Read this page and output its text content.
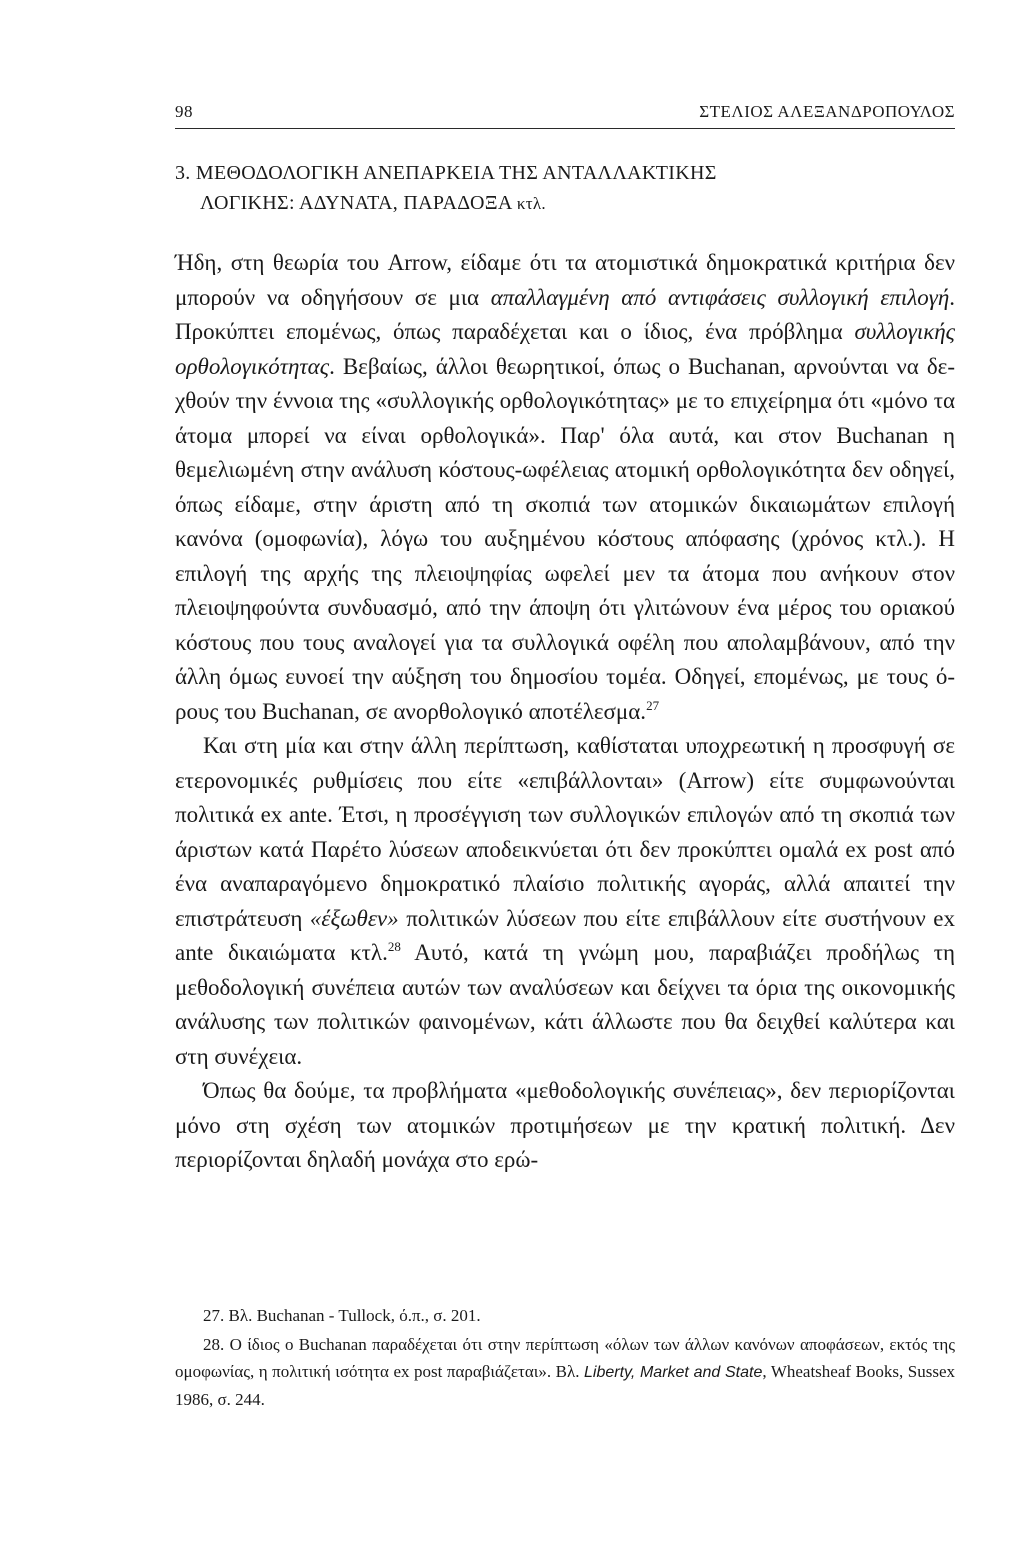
98	ΣΤΕΛΙΟΣ ΑΛΕΞΑΝΔΡΟΠΟΥΛΟΣ
3. ΜΕΘΟΔΟΛΟΓΙΚΗ ΑΝΕΠΑΡΚΕΙΑ ΤΗΣ ΑΝΤΑΛΛΑΚΤΙΚΗΣ
ΛΟΓΙΚΗΣ: ΑΔΥΝΑΤΑ, ΠΑΡΑΔΟΞΑ κτλ.

Ήδη, στη θεωρία του Arrow, είδαμε ότι τα ατομιστικά δημοκρατικά κριτήρια δεν μπορούν να οδηγήσουν σε μια απαλλαγμένη από αντιφάσεις συλλογική επιλογή. Προκύπτει επομένως, όπως παραδέχεται και ο ίδιος, ένα πρόβλημα συλλογικής ορθολογικότητας. Βεβαίως, άλλοι θεωρητικοί, όπως ο Buchanan, αρνούνται να δεχθούν την έννοια της «συλλογικής ορθολογικότητας» με το επιχείρημα ότι «μόνο τα άτομα μπορεί να είναι ορθολογικά». Παρ' όλα αυτά, και στον Buchanan η θεμελιωμένη στην ανάλυση κόστους-ωφέλειας ατομική ορθολογικότητα δεν οδηγεί, όπως είδαμε, στην άριστη από τη σκοπιά των ατομικών δικαιωμάτων επιλογή κανόνα (ομοφωνία), λόγω του αυξημένου κόστους απόφασης (χρόνος κτλ.). Η επιλογή της αρχής της πλειοψηφίας ωφελεί μεν τα άτομα που ανήκουν στον πλειοψηφούντα συνδυασμό, από την άποψη ότι γλιτώνουν ένα μέρος του οριακού κόστους που τους αναλογεί για τα συλλογικά οφέλη που απολαμβάνουν, από την άλλη όμως ευνοεί την αύξηση του δημοσίου τομέα. Οδηγεί, επομένως, με τους όρους του Buchanan, σε ανορθολογικό αποτέλεσμα.$^{27}$

Και στη μία και στην άλλη περίπτωση, καθίσταται υποχρεωτική η προσφυγή σε ετερονομικές ρυθμίσεις που είτε «επιβάλλονται» (Arrow) είτε συμφωνούνται πολιτικά ex ante. Έτσι, η προσέγγιση των συλλογικών επιλογών από τη σκοπιά των άριστων κατά Παρέτο λύσεων αποδεικνύεται ότι δεν προκύπτει ομαλά ex post από ένα αναπαραγόμενο δημοκρατικό πλαίσιο πολιτικής αγοράς, αλλά απαιτεί την επιστράτευση «έξωθεν» πολιτικών λύσεων που είτε επιβάλλουν είτε συστήνουν ex ante δικαιώματα κτλ.$^{28}$ Αυτό, κατά τη γνώμη μου, παραβιάζει προδήλως τη μεθοδολογική συνέπεια αυτών των αναλύσεων και δείχνει τα όρια της οικονομικής ανάλυσης των πολιτικών φαινομένων, κάτι άλλωστε που θα δειχθεί καλύτερα και στη συνέχεια.

Όπως θα δούμε, τα προβλήματα «μεθοδολογικής συνέπειας», δεν περιορίζονται μόνο στη σχέση των ατομικών προτιμήσεων με την κρατική πολιτική. Δεν περιορίζονται δηλαδή μονάχα στο ερώ-

27. Βλ. Buchanan - Tullock, ό.π., σ. 201.

28. Ο ίδιος ο Buchanan παραδέχεται ότι στην περίπτωση «όλων των άλλων κανόνων αποφάσεων, εκτός της ομοφωνίας, η πολιτική ισότητα ex post παραβιάζεται». Βλ. Liberty, Market and State, Wheatsheaf Books, Sussex 1986, σ. 244.
